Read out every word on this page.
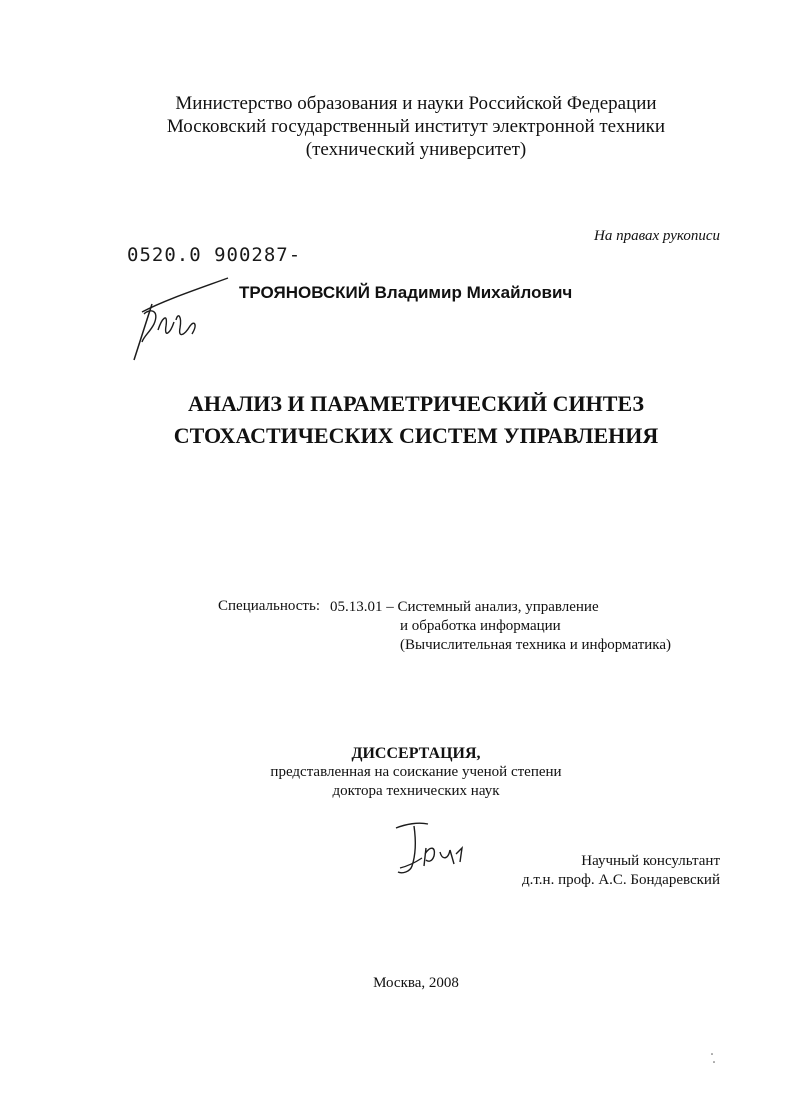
Министерство образования и науки Российской Федерации
Московский государственный институт электронной техники
(технический университет)
На правах рукописи
0520.0 900287-
ТРОЯНОВСКИЙ Владимир Михайлович
АНАЛИЗ И ПАРАМЕТРИЧЕСКИЙ СИНТЕЗ
СТОХАСТИЧЕСКИХ СИСТЕМ УПРАВЛЕНИЯ
Специальность: 05.13.01 – Системный анализ, управление
и обработка информации
(Вычислительная техника и информатика)
ДИССЕРТАЦИЯ,
представленная на соискание ученой степени
доктора технических наук
Научный консультант
д.т.н. проф. А.С. Бондаревский
Москва, 2008
